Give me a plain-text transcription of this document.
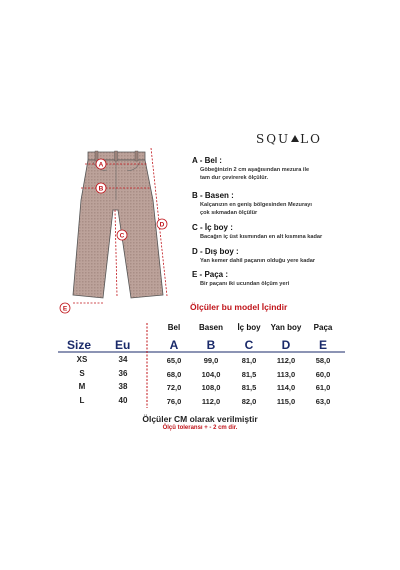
A
B
C
D
E
SQU LO
A - Bel :
Göbeğinizin 2 cm aşağısından mezura ile
tam dur çevirerek ölçülür.
B - Basen :
Kalçanızın en geniş bölgesinden Mezurayı
çok sıkmadan ölçülür
C - İç boy :
Bacağın iç üst kısmından en alt kısmına kadar
D - Dış boy :
Yan kemer dahil paçanın olduğu yere kadar
E - Paça :
Bir paçanı iki ucundan ölçüm yeri
Ölçüler bu model İçindir
Bel	Basen	İç boy	Yan boy	Paça
Size Eu	A	B	C	D	E
XS	34	65,0	99,0	81,0	112,0	58,0
S	36	68,0	104,0	81,5	113,0	60,0
M	38	72,0	108,0	81,5	114,0	61,0
L	40	76,0	112,0	82,0	115,0	63,0
Ölçüler CM olarak verilmiştir
Ölçü toleransı + - 2 cm dir.
